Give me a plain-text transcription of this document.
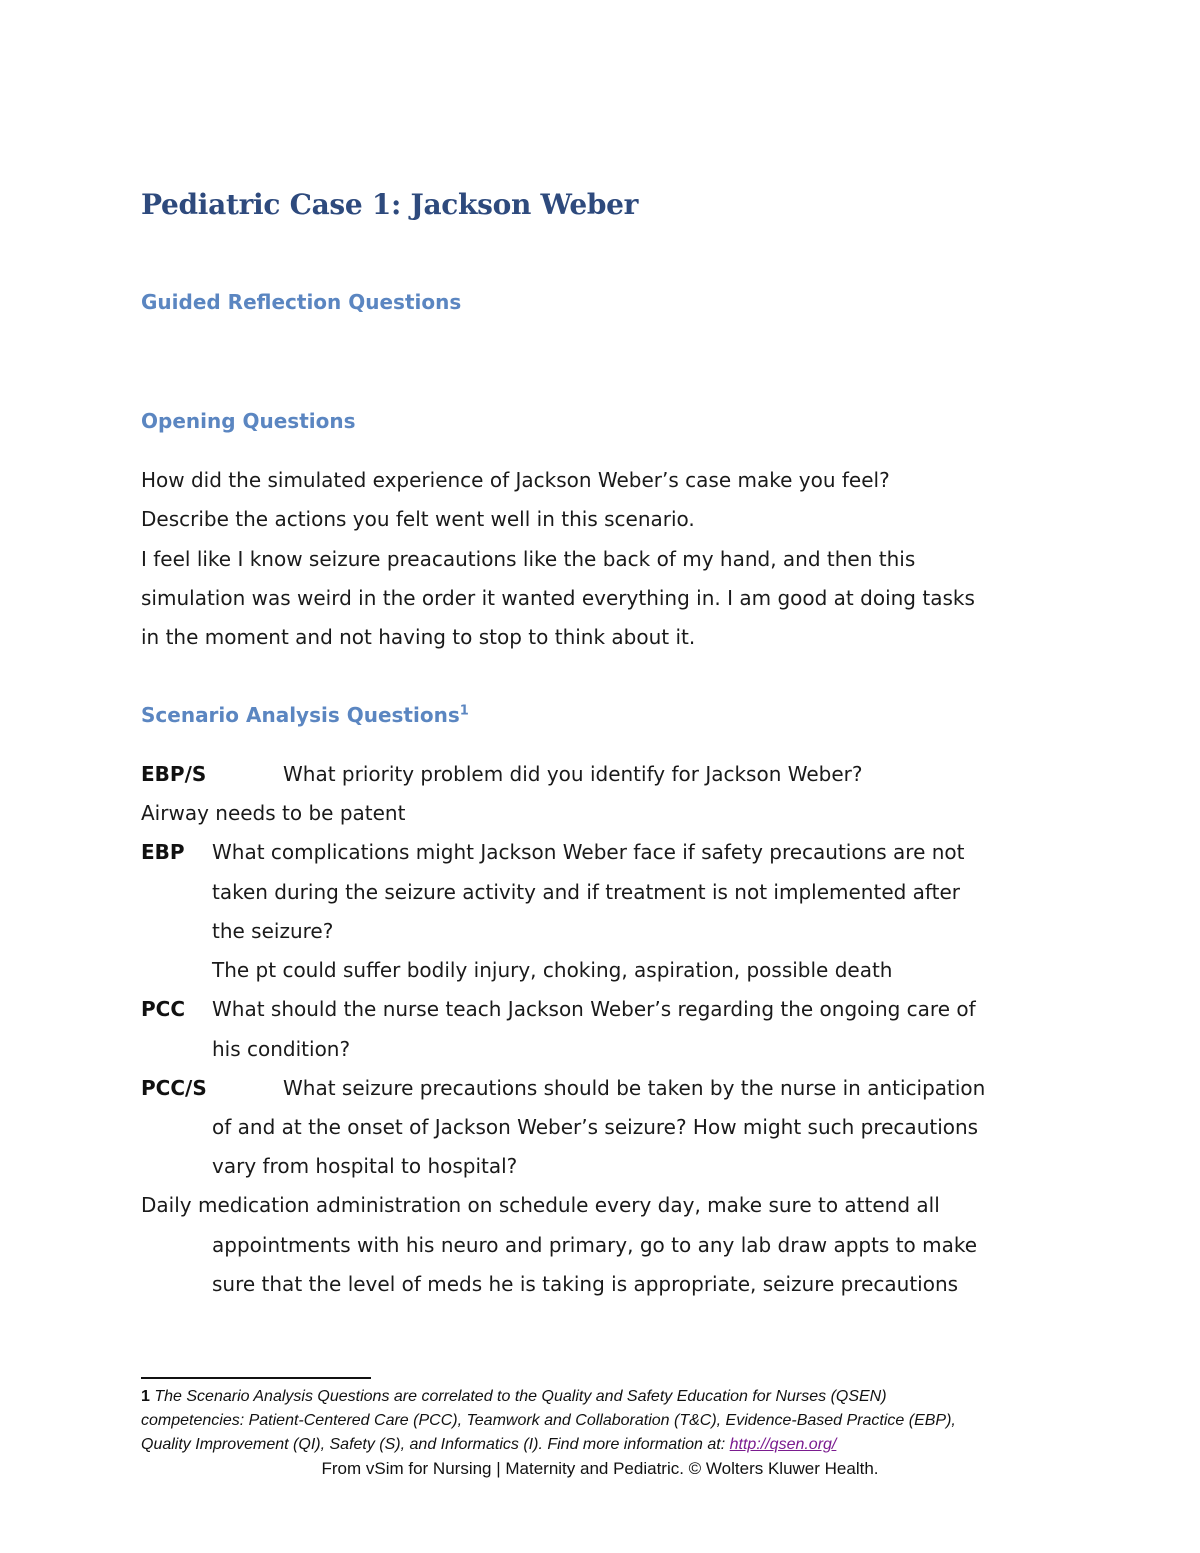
Pediatric Case 1: Jackson Weber
Guided Reflection Questions
Opening Questions

How did the simulated experience of Jackson Weber’s case make you feel?

Describe the actions you felt went well in this scenario.

I feel like I know seizure preacautions like the back of my hand, and then this

simulation was weird in the order it wanted everything in. I am good at doing tasks

in the moment and not having to stop to think about it.

Scenario Analysis Questions$^1$

EBP/S	What priority problem did you identify for Jackson Weber?

Airway needs to be patent

EBP What complications might Jackson Weber face if safety precautions are not

taken during the seizure activity and if treatment is not implemented after

the seizure?

The pt could suffer bodily injury, choking, aspiration, possible death

PCC What should the nurse teach Jackson Weber’s regarding the ongoing care of

his condition?

PCC/S	What seizure precautions should be taken by the nurse in anticipation

of and at the onset of Jackson Weber’s seizure? How might such precautions

vary from hospital to hospital?

Daily medication administration on schedule every day, make sure to attend all

appointments with his neuro and primary, go to any lab draw appts to make

sure that the level of meds he is taking is appropriate, seizure precautions

1 The Scenario Analysis Questions are correlated to the Quality and Safety Education for Nurses (QSEN)

competencies: Patient-Centered Care (PCC), Teamwork and Collaboration (T&C), Evidence-Based Practice (EBP),

Quality Improvement (QI), Safety (S), and Informatics (I). Find more information at: http://qsen.org/

From vSim for Nursing | Maternity and Pediatric. © Wolters Kluwer Health.
